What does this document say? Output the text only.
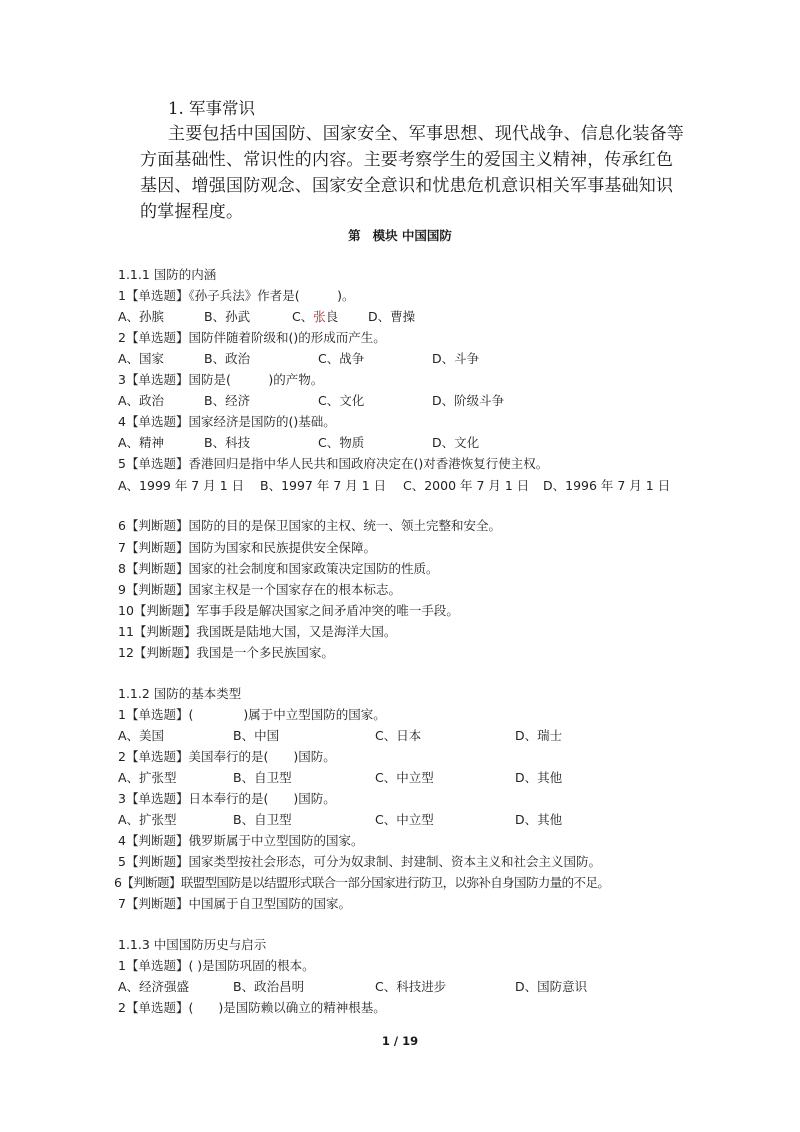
1. 军事常识
主要包括中国国防、国家安全、军事思想、现代战争、信息化装备等方面基础性、常识性的内容。主要考察学生的爱国主义精神，传承红色基因、增强国防观念、国家安全意识和忧患危机意识相关军事基础知识的掌握程度。
第 模块 中国国防
1.1.1 国防的内涵
1【单选题】《孙子兵法》作者是(　　　)。
A、孙膑	B、孙武	C、张良 D、曹操
2【单选题】国防伴随着阶级和()的形成而产生。
A、国家	B、政治	C、战争	D、斗争
3【单选题】国防是(　　　)的产物。
A、政治	B、经济	C、文化	D、阶级斗争
4【单选题】国家经济是国防的()基础。
A、精神	B、科技	C、物质	D、文化
5【单选题】香港回归是指中华人民共和国政府决定在()对香港恢复行使主权。
A、1999 年 7 月 1 日 B、1997 年 7 月 1 日 C、2000 年 7 月 1 日 D、1996 年 7 月 1 日
6【判断题】国防的目的是保卫国家的主权、统一、领土完整和安全。
7【判断题】国防为国家和民族提供安全保障。
8【判断题】国家的社会制度和国家政策决定国防的性质。
9【判断题】国家主权是一个国家存在的根本标志。
10【判断题】军事手段是解决国家之间矛盾冲突的唯一手段。
11【判断题】我国既是陆地大国，又是海洋大国。
12【判断题】我国是一个多民族国家。
1.1.2 国防的基本类型
1【单选题】(　　　　)属于中立型国防的国家。
A、美国	B、中国	C、日本	D、瑞士
2【单选题】美国奉行的是(　　)国防。
A、扩张型	B、自卫型	C、中立型	D、其他
3【单选题】日本奉行的是(　　)国防。
A、扩张型	B、自卫型	C、中立型	D、其他
4【判断题】俄罗斯属于中立型国防的国家。
5【判断题】国家类型按社会形态，可分为奴隶制、封建制、资本主义和社会主义国防。
6【判断题】联盟型国防是以结盟形式联合一部分国家进行防卫，以弥补自身国防力量的不足。
7【判断题】中国属于自卫型国防的国家。
1.1.3 中国国防历史与启示
1【单选题】( )是国防巩固的根本。
A、经济强盛	B、政治昌明	C、科技进步	D、国防意识
2【单选题】(　　)是国防赖以确立的精神根基。
1 / 19
